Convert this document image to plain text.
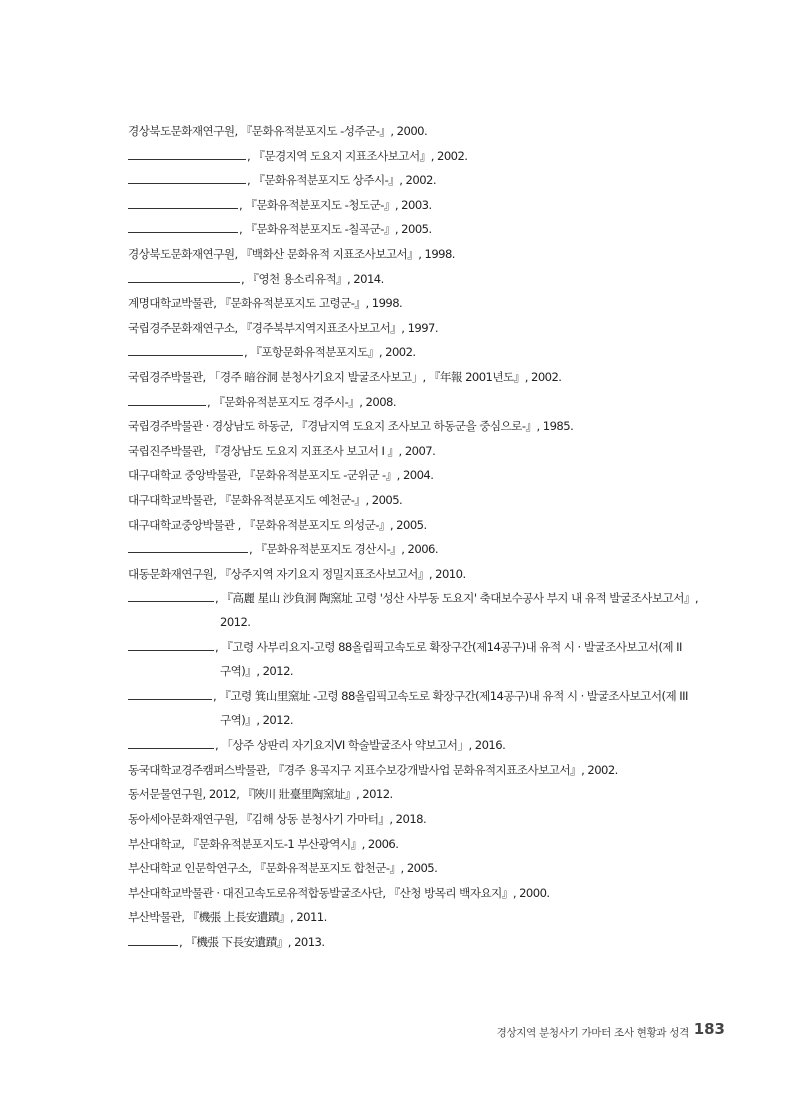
경상북도문화재연구원, 『문화유적분포지도 -성주군-』, 2000.
, 『문경지역 도요지 지표조사보고서』, 2002.
, 『문화유적분포지도 상주시-』, 2002.
, 『문화유적분포지도 -청도군-』, 2003.
, 『문화유적분포지도 -칠곡군-』, 2005.
경상북도문화재연구원, 『백화산 문화유적 지표조사보고서』, 1998.
, 『영천 용소리유적』, 2014.
계명대학교박물관, 『문화유적분포지도 고령군-』, 1998.
국립경주문화재연구소, 『경주북부지역지표조사보고서』, 1997.
, 『포항문화유적분포지도』, 2002.
국립경주박물관, 「경주 暗谷洞 분청사기요지 발굴조사보고」, 『年報 2001년도』, 2002.
, 『문화유적분포지도 경주시-』, 2008.
국립경주박물관 · 경상남도 하동군, 『경남지역 도요지 조사보고 하동군을 중심으로-』, 1985.
국립진주박물관, 『경상남도 도요지 지표조사 보고서 I 』, 2007.
대구대학교 중앙박물관, 『문화유적분포지도 -군위군 -』, 2004.
대구대학교박물관, 『문화유적분포지도 예천군-』, 2005.
대구대학교중앙박물관 , 『문화유적분포지도 의성군-』, 2005.
, 『문화유적분포지도 경산시-』, 2006.
대동문화재연구원, 『상주지역 자기요지 정밀지표조사보고서』, 2010.
, 『高麗 星山 沙負洞 陶窯址 고령 '성산 사부동 도요지' 축대보수공사 부지 내 유적 발굴조사보고서』,
2012.
, 『고령 사부리요지-고령 88올림픽고속도로 확장구간(제14공구)내 유적 시 · 발굴조사보고서(제 II
구역)』, 2012.
, 『고령 箕山里窯址 -고령 88올림픽고속도로 확장구간(제14공구)내 유적 시 · 발굴조사보고서(제 III
구역)』, 2012.
, 「상주 상판리 자기요지VI 학술발굴조사 약보고서」, 2016.
동국대학교경주캠퍼스박물관, 『경주 용곡지구 지표수보강개발사업 문화유적지표조사보고서』, 2002.
동서문물연구원, 2012, 『陜川 壯臺里陶窯址』, 2012.
동아세아문화재연구원, 『김해 상동 분청사기 가마터』, 2018.
부산대학교, 『문화유적분포지도-1 부산광역시』, 2006.
부산대학교 인문학연구소, 『문화유적분포지도 합천군-』, 2005.
부산대학교박물관 · 대진고속도로유적합동발굴조사단, 『산청 방목리 백자요지』, 2000.
부산박물관, 『機張 上長安遺蹟』, 2011.
, 『機張 下長安遺蹟』, 2013.
경상지역 분청사기 가마터 조사 현황과 성격 183
